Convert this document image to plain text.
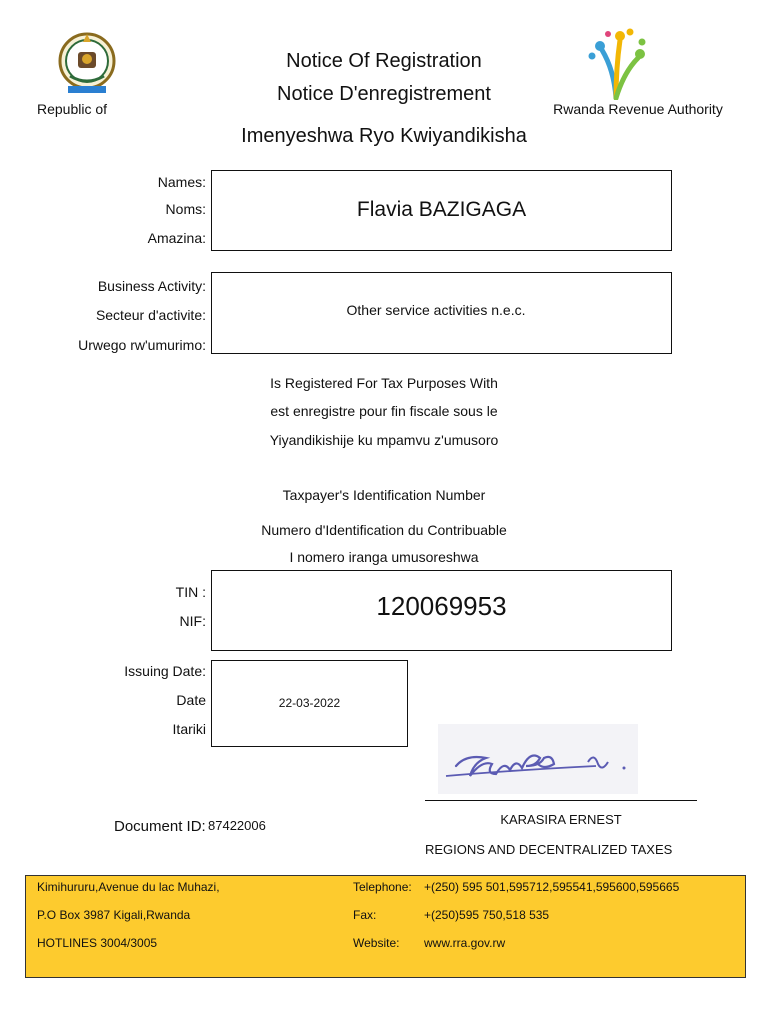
Republic of
Notice Of Registration
Notice D'enregistrement
Imenyeshwa Ryo Kwiyandikisha
Rwanda Revenue Authority
Names:
Noms:
Amazina:
Flavia BAZIGAGA
Business Activity:
Secteur d'activite:
Urwego rw'umurimo:
Other service activities n.e.c.
Is Registered For Tax Purposes With
est enregistre pour fin fiscale sous le
Yiyandikishije ku mpamvu z'umusoro
Taxpayer's Identification Number
Numero d'Identification du Contribuable
I nomero iranga umusoreshwa
TIN :
NIF:	120069953
Issuing Date:
Date
Itariki
22-03-2022
KARASIRA ERNEST
REGIONS AND DECENTRALIZED TAXES
Document ID: 87422006
Kimihururu,Avenue du lac Muhazi,
P.O Box 3987 Kigali,Rwanda
HOTLINES 3004/3005
Telephone:
Fax:
Website:
+(250) 595 501,595712,595541,595600,595665
+(250)595 750,518 535
www.rra.gov.rw
